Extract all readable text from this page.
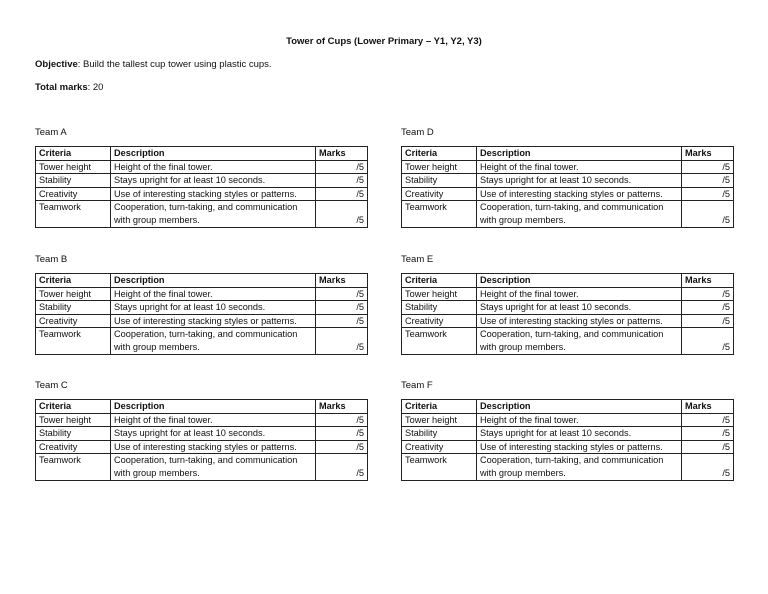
Tower of Cups (Lower Primary – Y1, Y2, Y3)
Objective: Build the tallest cup tower using plastic cups.
Total marks: 20
Team A
Criteria	Description	Marks
Tower height	Height of the final tower.	/5
Stability	Stays upright for at least 10 seconds.	/5
Creativity	Use of interesting stacking styles or patterns.	/5
Teamwork	Cooperation, turn-taking, and communication with group members.	/5
Team D
Criteria	Description	Marks
Tower height	Height of the final tower.	/5
Stability	Stays upright for at least 10 seconds.	/5
Creativity	Use of interesting stacking styles or patterns.	/5
Teamwork	Cooperation, turn-taking, and communication with group members.	/5
Team B
Criteria	Description	Marks
Tower height	Height of the final tower.	/5
Stability	Stays upright for at least 10 seconds.	/5
Creativity	Use of interesting stacking styles or patterns.	/5
Teamwork	Cooperation, turn-taking, and communication with group members.	/5
Team E
Criteria	Description	Marks
Tower height	Height of the final tower.	/5
Stability	Stays upright for at least 10 seconds.	/5
Creativity	Use of interesting stacking styles or patterns.	/5
Teamwork	Cooperation, turn-taking, and communication with group members.	/5
Team C
Criteria	Description	Marks
Tower height	Height of the final tower.	/5
Stability	Stays upright for at least 10 seconds.	/5
Creativity	Use of interesting stacking styles or patterns.	/5
Teamwork	Cooperation, turn-taking, and communication with group members.	/5
Team F
Criteria	Description	Marks
Tower height	Height of the final tower.	/5
Stability	Stays upright for at least 10 seconds.	/5
Creativity	Use of interesting stacking styles or patterns.	/5
Teamwork	Cooperation, turn-taking, and communication with group members.	/5
